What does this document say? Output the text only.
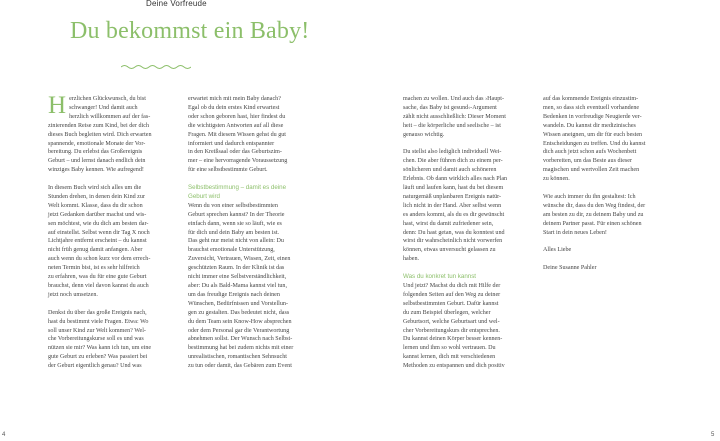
Deine Vorfreude
Du bekommst ein Baby!
H erzlichen Glückwunsch, du bist
schwanger! Und damit auch
herzlich willkommen auf der fas-
zinierenden Reise zum Kind, bei der dich
dieses Buch begleiten wird. Dich erwarten
spannende, emotionale Monate der Vor-
bereitung. Du erlebst das Großereignis
Geburt – und lernst danach endlich dein
winziges Baby kennen. Wie aufregend!
In diesem Buch wird sich alles um die
Stunden drehen, in denen dein Kind zur
Welt kommt. Klasse, dass du dir schon
jetzt Gedanken darüber machst und wis-
sen möchtest, wie du dich am besten dar-
auf einstellst. Selbst wenn dir Tag X noch
Lichtjahre entfernt erscheint – du kannst
nicht früh genug damit anfangen. Aber
auch wenn du schon kurz vor dem errech-
neten Termin bist, ist es sehr hilfreich
zu erfahren, was du für eine gute Geburt
brauchst, denn viel davon kannst du auch
jetzt noch umsetzen.
Denkst du über das große Ereignis nach,
hast du bestimmt viele Fragen. Etwa: Wo
soll unser Kind zur Welt kommen? Wel-
che Vorbereitungskurse soll es und was
nützen sie mir? Was kann ich tun, um eine
gute Geburt zu erleben? Was passiert bei
der Geburt eigentlich genau? Und was
erwartet mich mit mein Baby danach?
Egal ob du dein erstes Kind erwartest
oder schon geboren hast, hier findest du
die wichtigsten Antworten auf all diese
Fragen. Mit diesem Wissen gehst du gut
informiert und dadurch entspannter
in den Kreißsaal oder das Geburtszim-
mer – eine hervorragende Voraussetzung
für eine selbstbestimmte Geburt.
Selbstbestimmung – damit es deine
Geburt wird
Wenn du von einer selbstbestimmten
Geburt sprechen kannst? In der Theorie
einfach dann, wenn sie so läuft, wie es
für dich und dein Baby am besten ist.
Das geht nur meist nicht von allein: Du
brauchst emotionale Unterstützung,
Zuversicht, Vertrauen, Wissen, Zeit, einen
geschützten Raum. In der Klinik ist das
nicht immer eine Selbstverständlichkeit,
aber: Du als Bald-Mama kannst viel tun,
um das freudige Ereignis nach deinen
Wünschen, Bedürfnissen und Vorstellun-
gen zu gestalten. Das bedeutet nicht, dass
du dem Team sein Know-How absprechen
oder dem Personal gar die Verantwortung
abnehmen sollst. Der Wunsch nach Selbst-
bestimmung hat bei zudem nichts mit einer
unrealistischen, romantischen Sehnsucht
zu tun oder damit, das Gebären zum Event
machen zu wollen. Und auch das ›Haupt-
sache, das Baby ist gesund‹-Argument
zählt nicht ausschließlich: Dieser Moment
heit – die körperliche und seelische – ist
genauso wichtig.
Du stellst also lediglich individuell Wei-
chen. Die aber führen dich zu einem per-
sönlicheren und damit auch schöneren
Erlebnis. Ob dann wirklich alles nach Plan
läuft und laufen kann, hast du bei diesem
naturgemäß unplanbaren Ereignis natür-
lich nicht in der Hand. Aber selbst wenn
es anders kommt, als du es dir gewünscht
hast, wirst du damit zufriedener sein,
denn: Du hast getan, was du konntest und
wirst dir wahrscheinlich nicht vorwerfen
können, etwas unversucht gelassen zu
haben.
Was du konkret tun kannst
Und jetzt? Machst du dich mit Hilfe der
folgenden Seiten auf den Weg zu deiner
selbstbestimmten Geburt. Dafür kannst
du zum Beispiel überlegen, welcher
Geburtsort, welche Geburtsart und wel-
cher Vorbereitungskurs dir entsprechen.
Du kannst deinen Körper besser kennen-
lernen und ihm so wohl vertrauen. Du
kannst lernen, dich mit verschiedenen
Methoden zu entspannen und dich positiv
auf das kommende Ereignis einzustim-
men, so dass sich eventuell vorhandene
Bedenken in vorfreudige Neugierde ver-
wandeln. Du kannst dir medizinisches
Wissen aneignen, um dir für euch besten
Entscheidungen zu treffen. Und du kannst
dich auch jetzt schon aufs Wochenbett
vorbereiten, um das Beste aus dieser
magischen und wertvollen Zeit machen
zu können.
Wie auch immer du ihn gestaltest: Ich
wünsche dir, dass du den Weg findest, der
am besten zu dir, zu deinem Baby und zu
deinem Partner passt. Für einen schönen
Start in dein neues Leben!
Alles Liebe
Deine Susanne Pahler
4	5
